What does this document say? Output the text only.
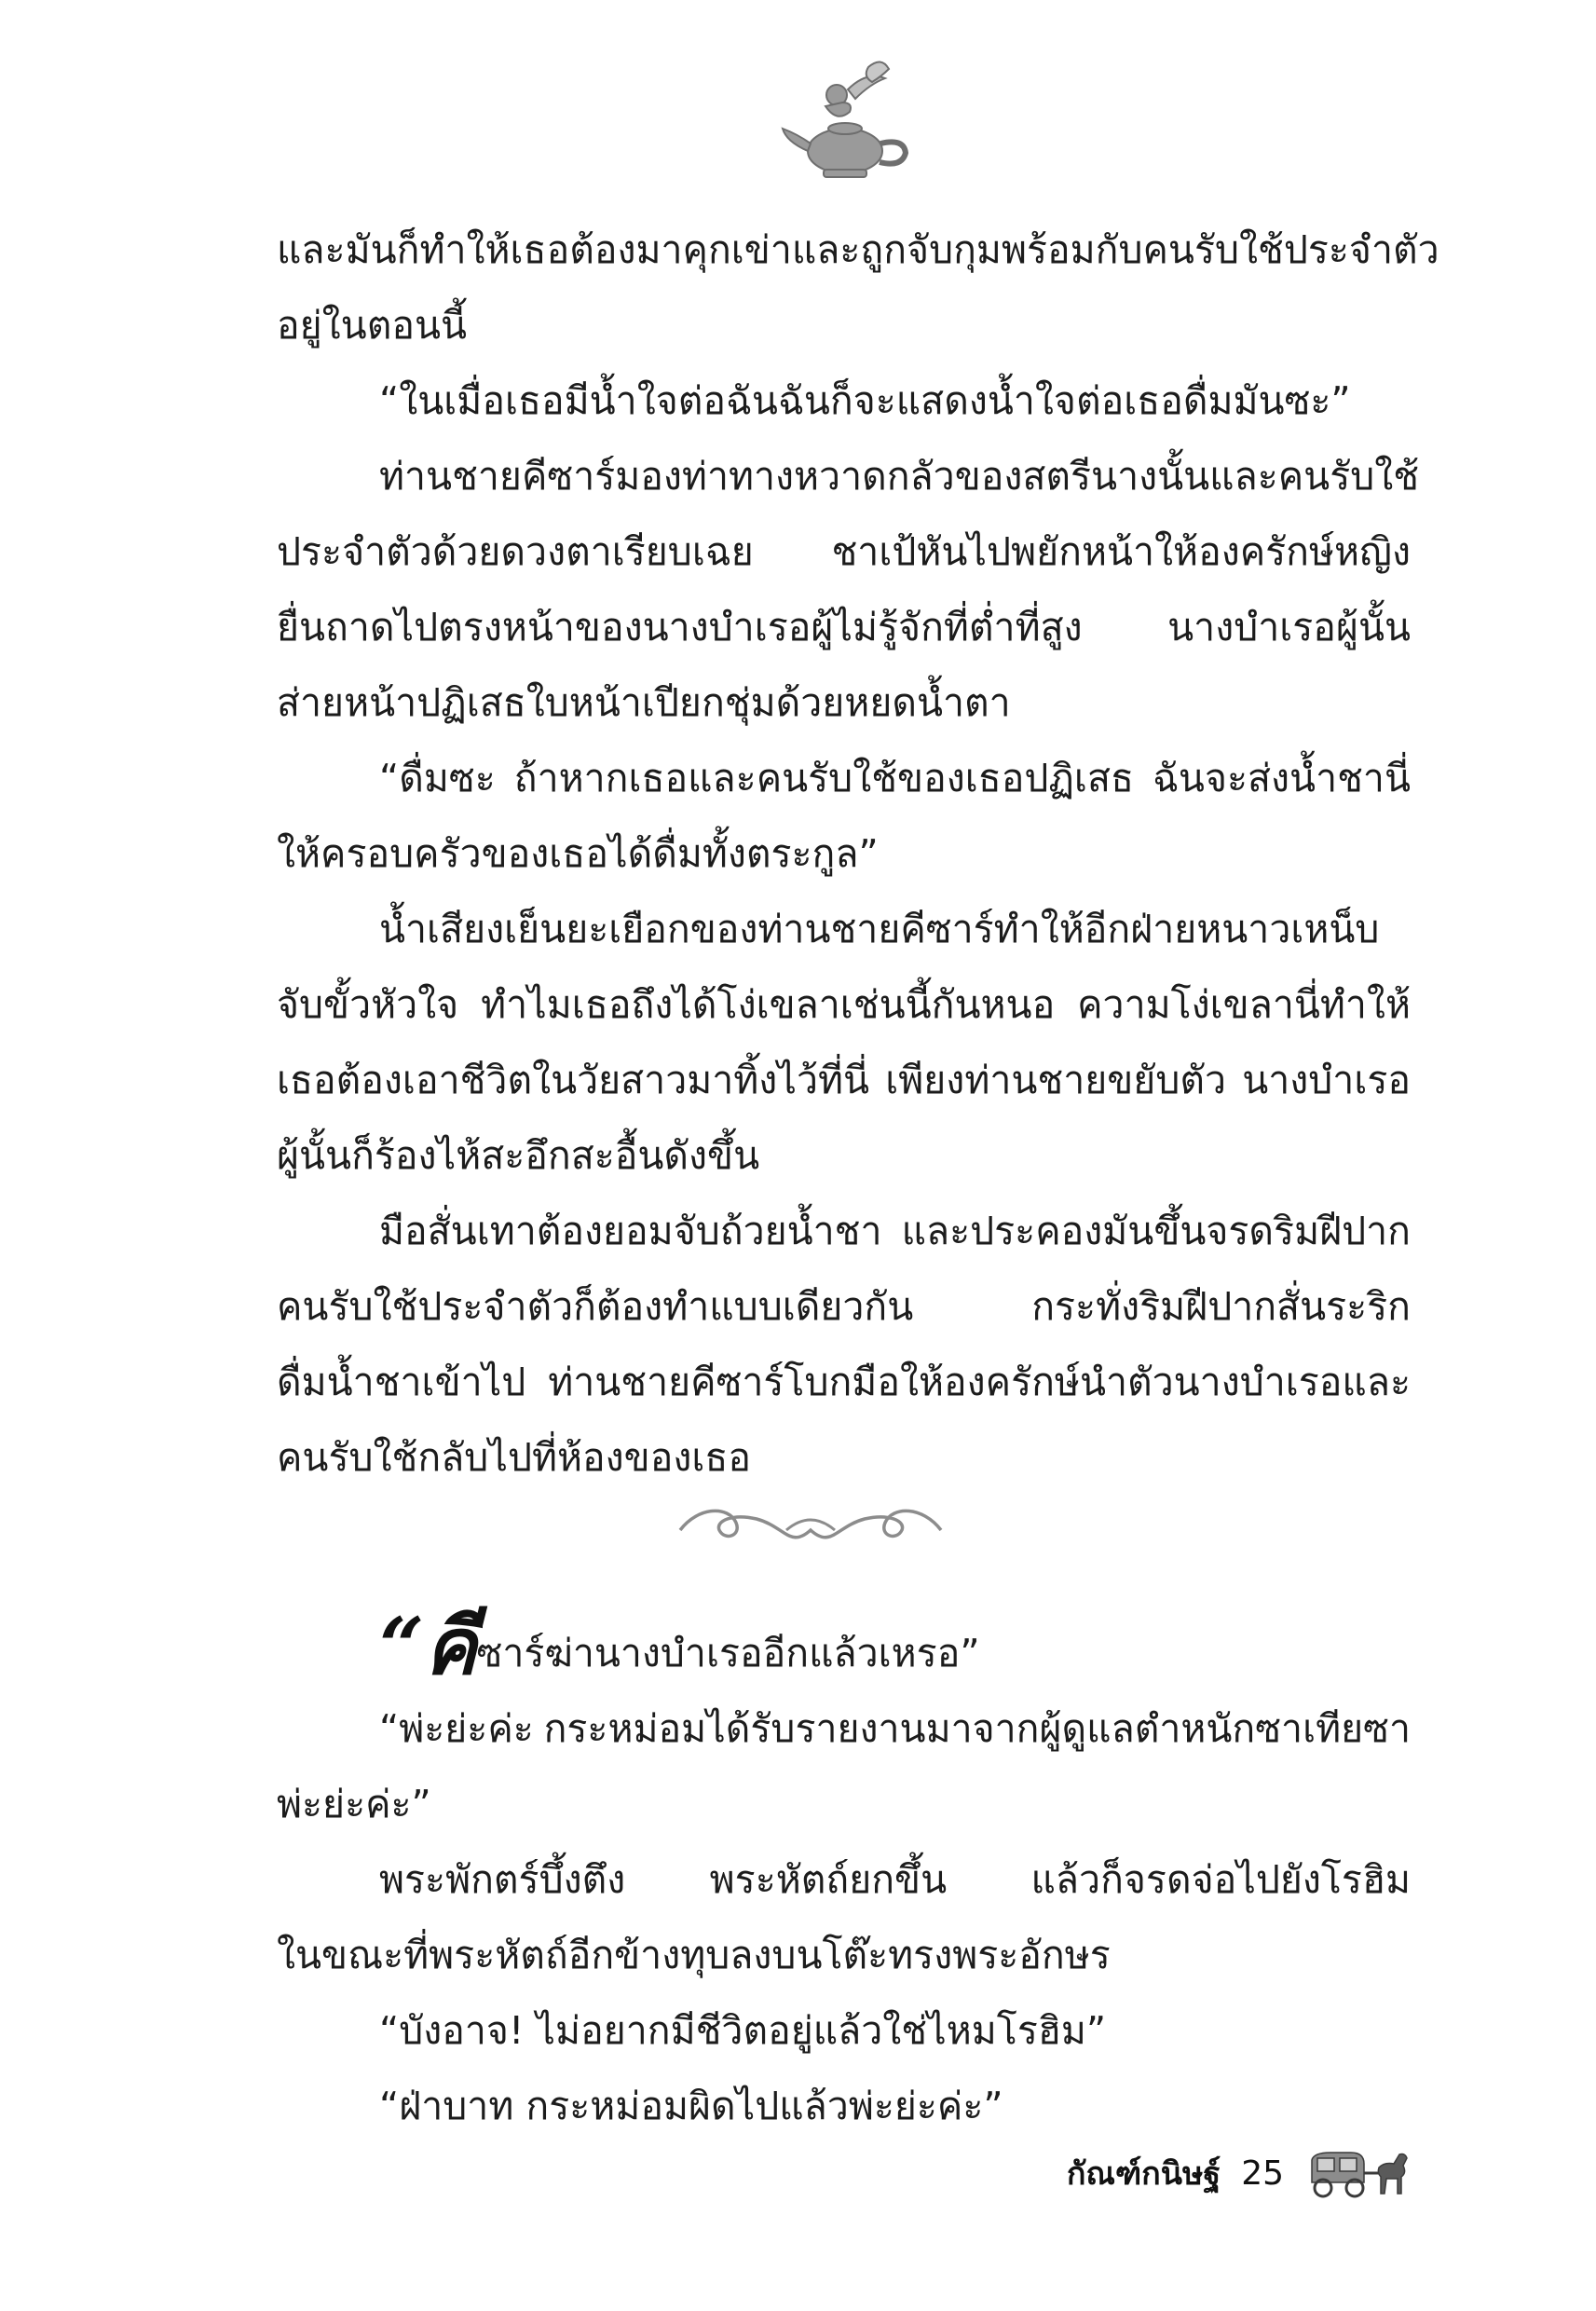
และมันก็ทำให้เธอต้องมาคุกเข่าและถูกจับกุมพร้อมกับคนรับใช้ประจำตัว
อยู่ในตอนนี้
“ในเมื่อเธอมีน้ำใจต่อฉัน ฉันก็จะแสดงน้ำใจต่อเธอ ดื่มมันซะ”
ท่านชายคีซาร์มองท่าทางหวาดกลัวของสตรีนางนั้นและคนรับใช้
ประจำตัวด้วยดวงตาเรียบเฉย ชาเป้หันไปพยักหน้าให้องครักษ์หญิง
ยื่นถาดไปตรงหน้าของนางบำเรอผู้ไม่รู้จักที่ต่ำที่สูง นางบำเรอผู้นั้น
ส่ายหน้าปฏิเสธ ใบหน้าเปียกชุ่มด้วยหยดน้ำตา
“ดื่มซะ ถ้าหากเธอและคนรับใช้ของเธอปฏิเสธ ฉันจะส่งน้ำชานี่
ให้ครอบครัวของเธอได้ดื่มทั้งตระกูล”
น้ำเสียงเย็นยะเยือกของท่านชายคีซาร์ทำให้อีกฝ่ายหนาวเหน็บ
จับขั้วหัวใจ ทำไมเธอถึงได้โง่เขลาเช่นนี้กันหนอ ความโง่เขลานี่ทำให้
เธอต้องเอาชีวิตในวัยสาวมาทิ้งไว้ที่นี่ เพียงท่านชายขยับตัว นางบำเรอ
ผู้นั้นก็ร้องไห้สะอึกสะอื้นดังขึ้น
มือสั่นเทาต้องยอมจับถ้วยน้ำชา และประคองมันขึ้นจรดริมฝีปาก
คนรับใช้ประจำตัวก็ต้องทำแบบเดียวกัน	กระทั่งริมฝีปากสั่นระริก
ดื่มน้ำชาเข้าไป ท่านชายคีซาร์โบกมือให้องครักษ์นำตัวนางบำเรอและ
คนรับใช้กลับไปที่ห้องของเธอ
“คี ซาร์ฆ่านางบำเรออีกแล้วเหรอ”
“พ่ะย่ะค่ะ กระหม่อมได้รับรายงานมาจากผู้ดูแลตำหนักซาเทียซา
พ่ะย่ะค่ะ”
พระพักตร์บึ้งตึง พระหัตถ์ยกขึ้น แล้วก็จรดจ่อไปยังโรฮิม
ในขณะที่พระหัตถ์อีกข้างทุบลงบนโต๊ะทรงพระอักษร
“บังอาจ! ไม่อยากมีชีวิตอยู่แล้วใช่ไหมโรฮิม”
“ฝ่าบาท กระหม่อมผิดไปแล้วพ่ะย่ะค่ะ”
กัณฑ์กนิษฐ์ 25
